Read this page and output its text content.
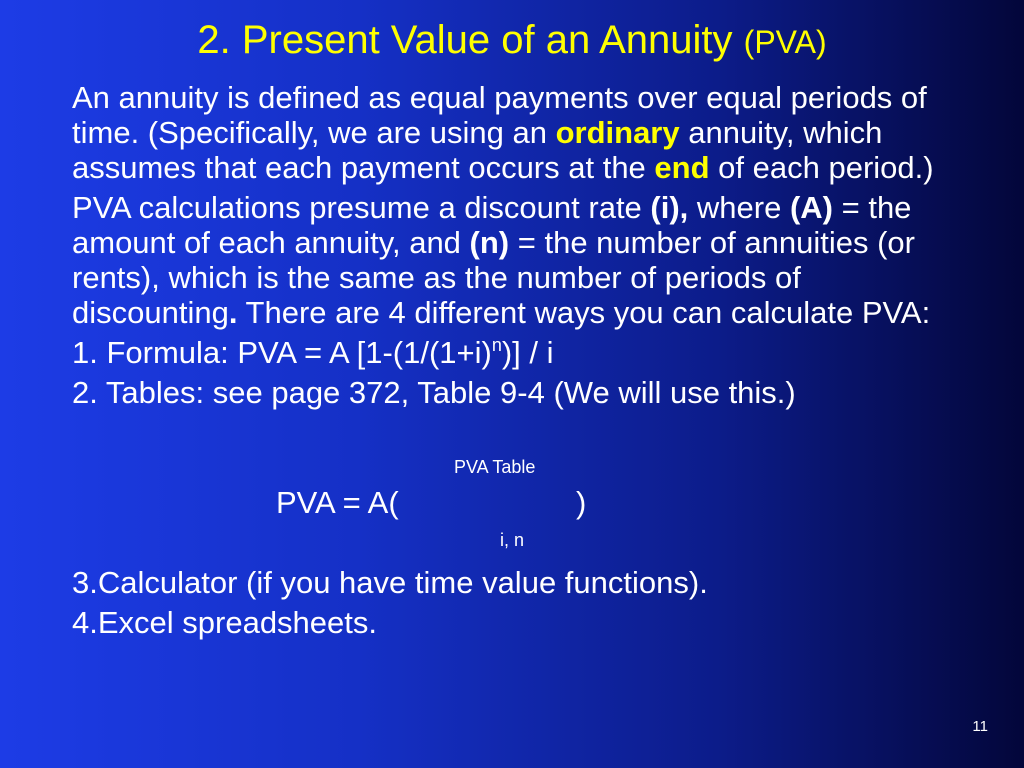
2. Present Value of an Annuity (PVA)

An annuity is defined as equal payments over equal periods of time. (Specifically, we are using an ordinary annuity, which assumes that each payment occurs at the end of each period.)

PVA calculations presume a discount rate (i), where (A) = the amount of each annuity, and (n) = the number of annuities (or rents), which is the same as the number of periods of discounting. There are 4 different ways you can calculate PVA:

1. Formula: PVA = A $[1-(1/(1+i)^n)] / i$

2. Tables: see page 372, Table 9-4 (We will use this.)

PVA Table
PVA = A(	)
i, n

3.Calculator (if you have time value functions).

4.Excel spreadsheets.

11
